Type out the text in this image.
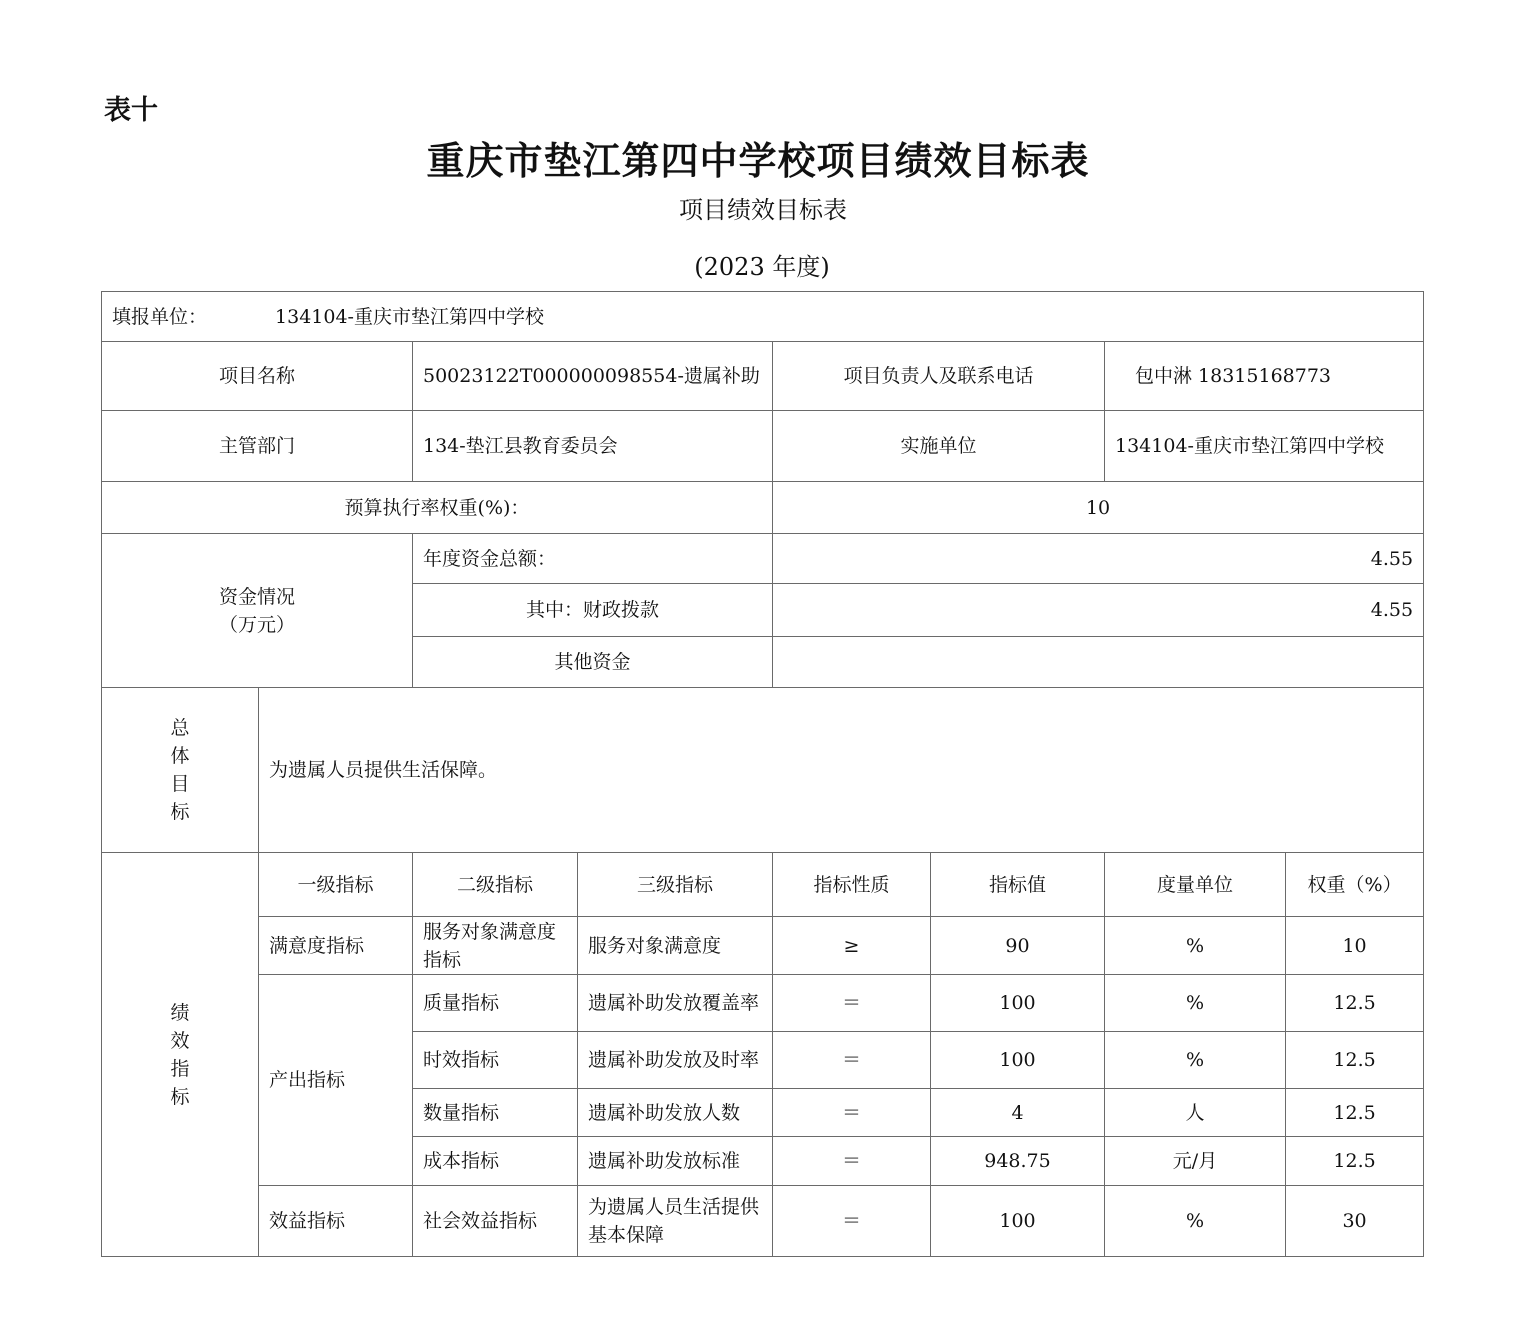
表十
重庆市垫江第四中学校项目绩效目标表
项目绩效目标表
(2023 年度)
填报单位： 134104-重庆市垫江第四中学校							
项目名称		50023122T000000098554-遗属补助		项目负责人及联系电话		包中淋 18315168773	
主管部门		134-垫江县教育委员会		实施单位		134104-重庆市垫江第四中学校	
预算执行率权重(%)：				10			

资金情况
（万元）		年度资金总额：		4.55			
		其中：财政拨款		4.55			
		其他资金					

总
体
目
标	为遗属人员提供生活保障。						

绩
效
指
标	一级指标	二级指标	三级指标	指标性质	指标值	度量单位	权重（%）
	满意度指标	服务对象满意度指标	服务对象满意度	≥	90	%	10
	产出指标	质量指标	遗属补助发放覆盖率	＝	100	%	12.5
		时效指标	遗属补助发放及时率	＝	100	%	12.5
		数量指标	遗属补助发放人数	＝	4	人	12.5
		成本指标	遗属补助发放标准	＝	948.75	元/月	12.5
	效益指标	社会效益指标	为遗属人员生活提供基本保障	＝	100	%	30
